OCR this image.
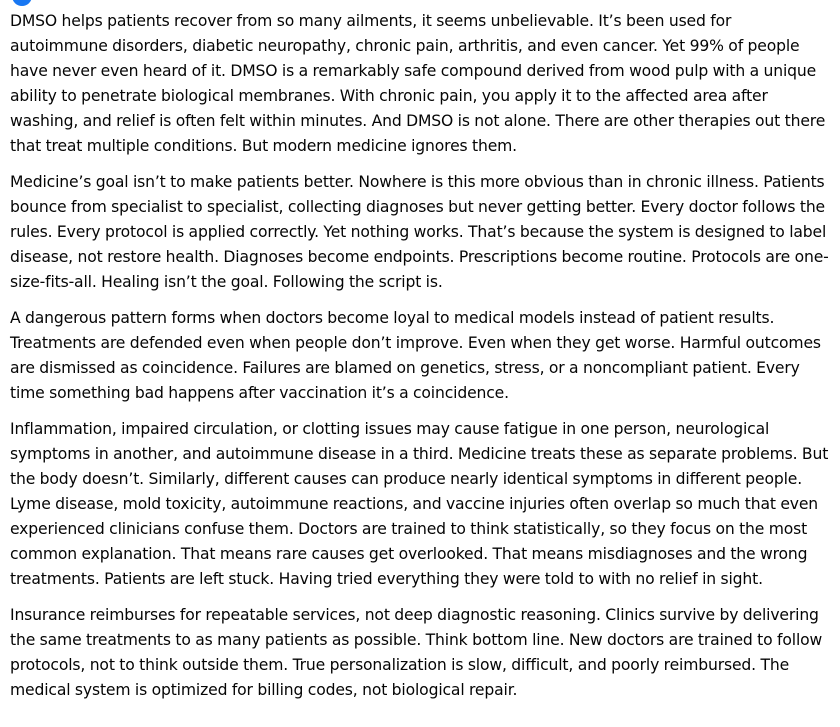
DMSO helps patients recover from so many ailments, it seems unbelievable. It’s been used for autoimmune disorders, diabetic neuropathy, chronic pain, arthritis, and even cancer. Yet 99% of people have never even heard of it. DMSO is a remarkably safe compound derived from wood pulp with a unique ability to penetrate biological membranes. With chronic pain, you apply it to the affected area after washing, and relief is often felt within minutes. And DMSO is not alone. There are other therapies out there that treat multiple conditions. But modern medicine ignores them.

Medicine’s goal isn’t to make patients better. Nowhere is this more obvious than in chronic illness. Patients bounce from specialist to specialist, collecting diagnoses but never getting better. Every doctor follows the rules. Every protocol is applied correctly. Yet nothing works. That’s because the system is designed to label disease, not restore health. Diagnoses become endpoints. Prescriptions become routine. Protocols are one-size-fits-all. Healing isn’t the goal. Following the script is.

A dangerous pattern forms when doctors become loyal to medical models instead of patient results. Treatments are defended even when people don’t improve. Even when they get worse. Harmful outcomes are dismissed as coincidence. Failures are blamed on genetics, stress, or a noncompliant patient. Every time something bad happens after vaccination it’s a coincidence.

Inflammation, impaired circulation, or clotting issues may cause fatigue in one person, neurological symptoms in another, and autoimmune disease in a third. Medicine treats these as separate problems. But the body doesn’t. Similarly, different causes can produce nearly identical symptoms in different people. Lyme disease, mold toxicity, autoimmune reactions, and vaccine injuries often overlap so much that even experienced clinicians confuse them. Doctors are trained to think statistically, so they focus on the most common explanation. That means rare causes get overlooked. That means misdiagnoses and the wrong treatments. Patients are left stuck. Having tried everything they were told to with no relief in sight.

Insurance reimburses for repeatable services, not deep diagnostic reasoning. Clinics survive by delivering the same treatments to as many patients as possible. Think bottom line. New doctors are trained to follow protocols, not to think outside them. True personalization is slow, difficult, and poorly reimbursed. The medical system is optimized for billing codes, not biological repair.
